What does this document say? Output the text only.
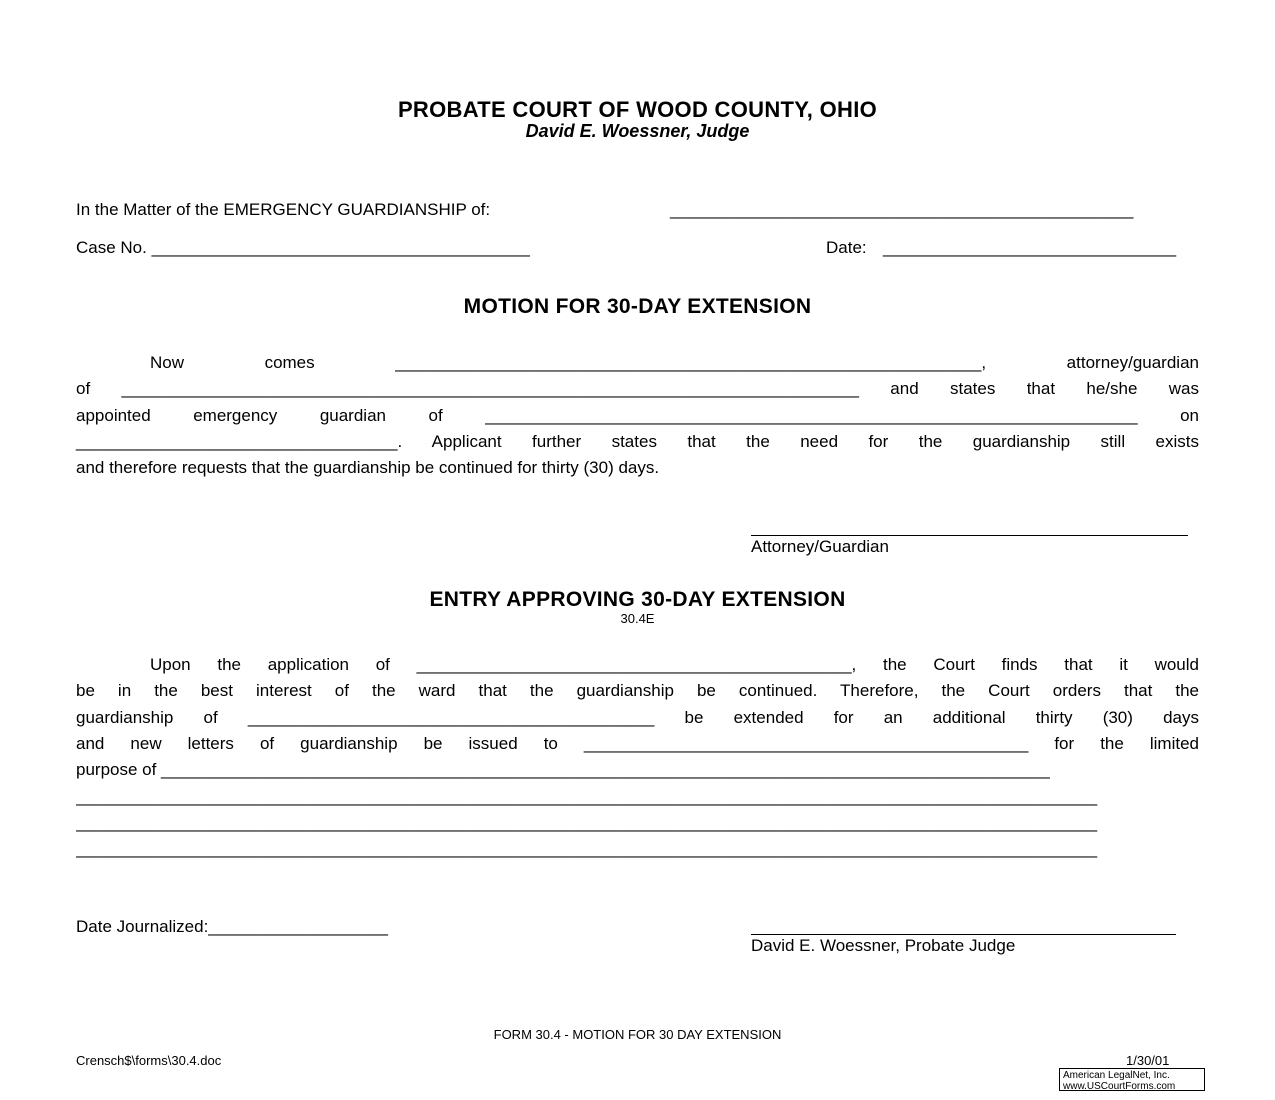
PROBATE COURT OF WOOD COUNTY, OHIO
David E. Woessner, Judge
In the Matter of the EMERGENCY GUARDIANSHIP of:	_________________________________________________
Case No. ________________________________________	Date: _______________________________
MOTION FOR 30-DAY EXTENSION

Now comes ______________________________________________________________, attorney/guardian

of ______________________________________________________________________________ and states that he/she was

appointed emergency guardian of _____________________________________________________________________ on

__________________________________. Applicant further states that the need for the guardianship still exists

and therefore requests that the guardianship be continued for thirty (30) days.

Attorney/Guardian
ENTRY APPROVING 30-DAY EXTENSION
30.4E

Upon the application of ______________________________________________, the Court finds that it would

be in the best interest of the ward that the guardianship be continued. Therefore, the Court orders that the

guardianship of ___________________________________________ be extended for an additional thirty (30) days

and new letters of guardianship be issued to _______________________________________________ for the limited

purpose of ______________________________________________________________________________________________

____________________________________________________________________________________________________________
____________________________________________________________________________________________________________
____________________________________________________________________________________________________________
Date Journalized:___________________
David E. Woessner, Probate Judge
FORM 30.4 - MOTION FOR 30 DAY EXTENSION
Crensch$\forms\30.4.doc	1/30/01
American LegalNet, Inc.
www.USCourtForms.com
